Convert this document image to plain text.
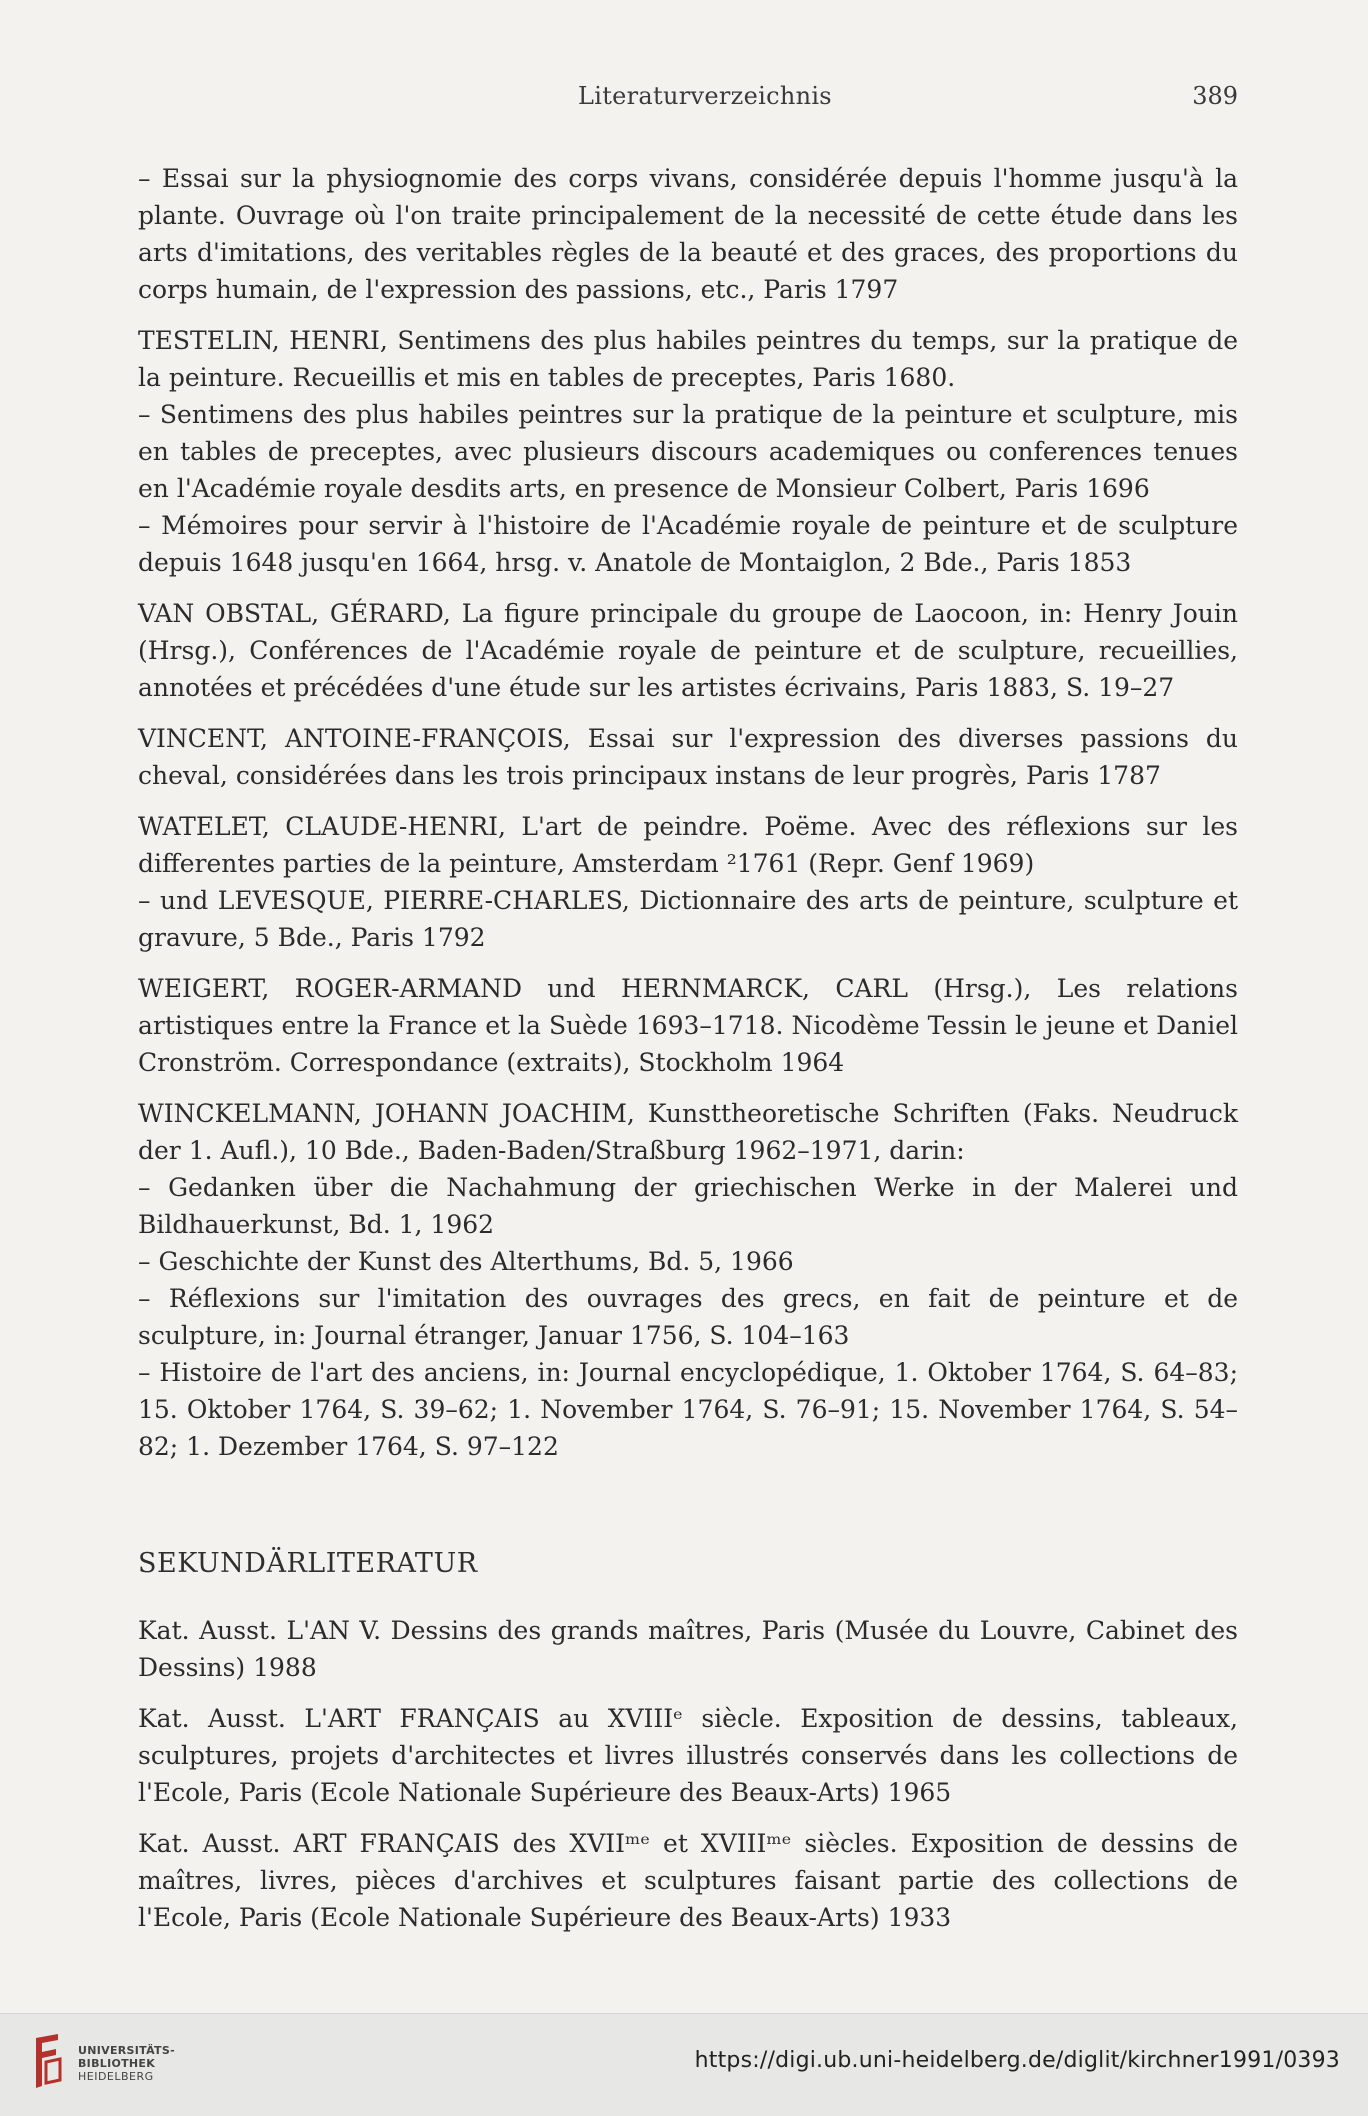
Literaturverzeichnis	389
– Essai sur la physiognomie des corps vivans, considérée depuis l'homme jusqu'à la plante. Ouvrage où l'on traite principalement de la necessité de cette étude dans les arts d'imitations, des veritables règles de la beauté et des graces, des proportions du corps humain, de l'expression des passions, etc., Paris 1797
TESTELIN, HENRI, Sentimens des plus habiles peintres du temps, sur la pratique de la peinture. Recueillis et mis en tables de preceptes, Paris 1680.
– Sentimens des plus habiles peintres sur la pratique de la peinture et sculpture, mis en tables de preceptes, avec plusieurs discours academiques ou conferences tenues en l'Académie royale desdits arts, en presence de Monsieur Colbert, Paris 1696
– Mémoires pour servir à l'histoire de l'Académie royale de peinture et de sculpture depuis 1648 jusqu'en 1664, hrsg. v. Anatole de Montaiglon, 2 Bde., Paris 1853
VAN OBSTAL, GÉRARD, La figure principale du groupe de Laocoon, in: Henry Jouin (Hrsg.), Conférences de l'Académie royale de peinture et de sculpture, recueillies, annotées et précédées d'une étude sur les artistes écrivains, Paris 1883, S. 19–27
VINCENT, ANTOINE-FRANÇOIS, Essai sur l'expression des diverses passions du cheval, considérées dans les trois principaux instans de leur progrès, Paris 1787
WATELET, CLAUDE-HENRI, L'art de peindre. Poëme. Avec des réflexions sur les differentes parties de la peinture, Amsterdam ²1761 (Repr. Genf 1969)
– und LEVESQUE, PIERRE-CHARLES, Dictionnaire des arts de peinture, sculpture et gravure, 5 Bde., Paris 1792
WEIGERT, ROGER-ARMAND und HERNMARCK, CARL (Hrsg.), Les relations artistiques entre la France et la Suède 1693–1718. Nicodème Tessin le jeune et Daniel Cronström. Correspondance (extraits), Stockholm 1964
WINCKELMANN, JOHANN JOACHIM, Kunsttheoretische Schriften (Faks. Neudruck der 1. Aufl.), 10 Bde., Baden-Baden/Straßburg 1962–1971, darin:
– Gedanken über die Nachahmung der griechischen Werke in der Malerei und Bildhauerkunst, Bd. 1, 1962
– Geschichte der Kunst des Alterthums, Bd. 5, 1966
– Réflexions sur l'imitation des ouvrages des grecs, en fait de peinture et de sculpture, in: Journal étranger, Januar 1756, S. 104–163
– Histoire de l'art des anciens, in: Journal encyclopédique, 1. Oktober 1764, S. 64–83; 15. Oktober 1764, S. 39–62; 1. November 1764, S. 76–91; 15. November 1764, S. 54–82; 1. Dezember 1764, S. 97–122
SEKUNDÄRLITERATUR
Kat. Ausst. L'AN V. Dessins des grands maîtres, Paris (Musée du Louvre, Cabinet des Dessins) 1988
Kat. Ausst. L'ART FRANÇAIS au XVIIIᵉ siècle. Exposition de dessins, tableaux, sculptures, projets d'architectes et livres illustrés conservés dans les collections de l'Ecole, Paris (Ecole Nationale Supérieure des Beaux-Arts) 1965
Kat. Ausst. ART FRANÇAIS des XVIIᵐᵉ et XVIIIᵐᵉ siècles. Exposition de dessins de maîtres, livres, pièces d'archives et sculptures faisant partie des collections de l'Ecole, Paris (Ecole Nationale Supérieure des Beaux-Arts) 1933
UNIVERSITÄTS-
BIBLIOTHEK
HEIDELBERG
https://digi.ub.uni-heidelberg.de/diglit/kirchner1991/0393
